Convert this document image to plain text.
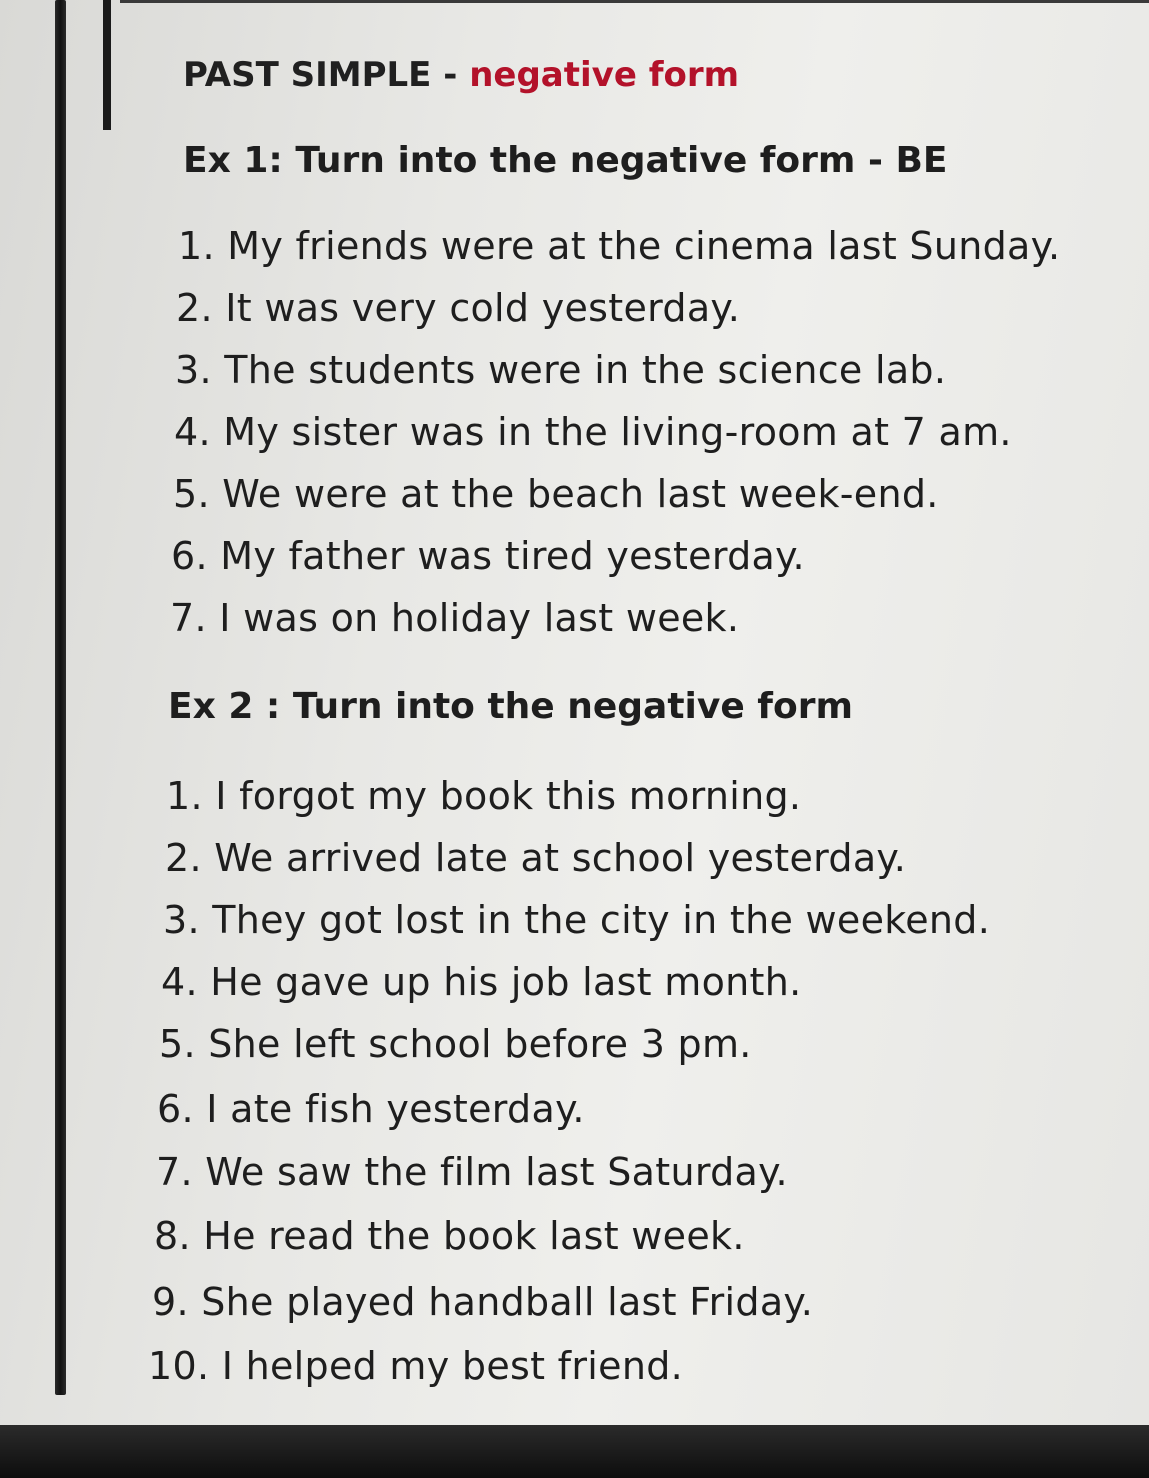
PAST SIMPLE - negative form
Ex 1: Turn into the negative form - BE
1. My friends were at the cinema last Sunday.
2. It was very cold yesterday.
3. The students were in the science lab.
4. My sister was in the living-room at 7 am.
5. We were at the beach last week-end.
6. My father was tired yesterday.
7. I was on holiday last week.
Ex 2 : Turn into the negative form
1. I forgot my book this morning.
2. We arrived late at school yesterday.
3. They got lost in the city in the weekend.
4. He gave up his job last month.
5. She left school before 3 pm.
6. I ate fish yesterday.
7. We saw the film last Saturday.
8. He read the book last week.
9. She played handball last Friday.
10. I helped my best friend.
